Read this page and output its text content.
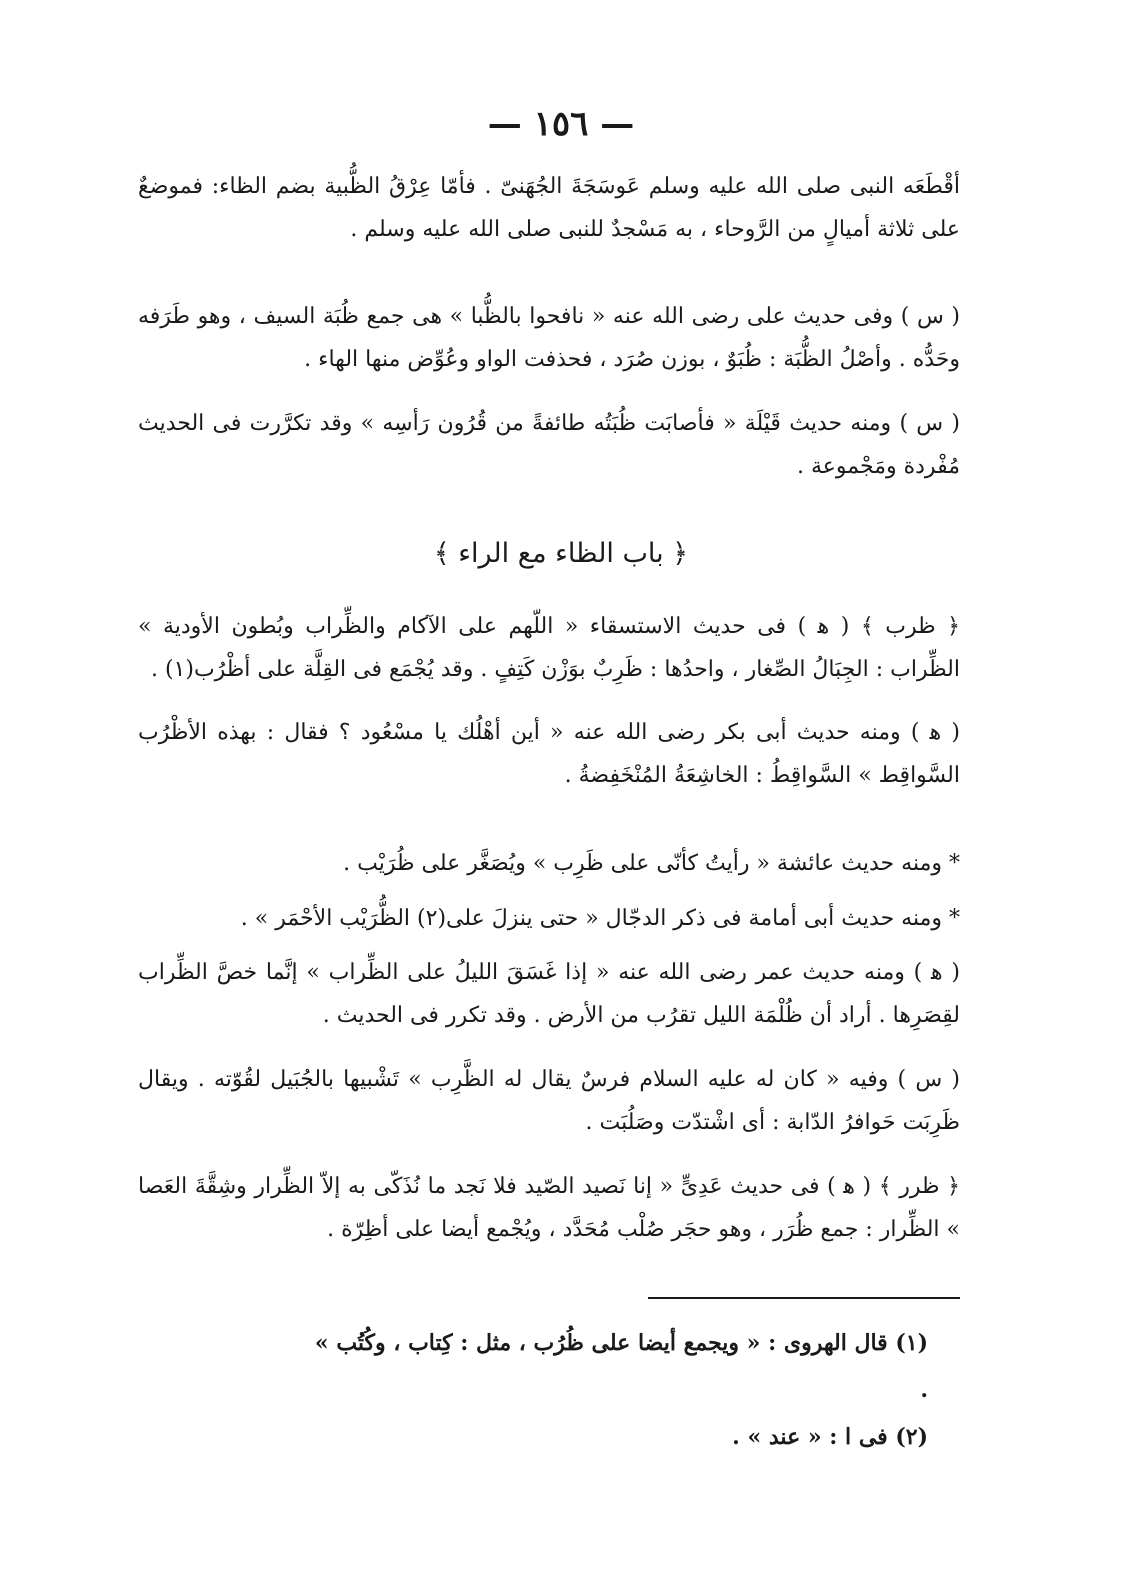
— ١٥٦ —
أقْطَعَه النبى صلى الله عليه وسلم عَوسَجَةَ الجُهَنىّ . فأمّا عِرْقُ الظُّبية بضم الظاء: فموضعٌ على ثلاثة أميالٍ من الرَّوحاء ، به مَسْجدٌ للنبى صلى الله عليه وسلم .
( س ) وفى حديث على رضى الله عنه « نافحوا بالظُّبا » هى جمع ظُبَة السيف ، وهو طَرَفه وحَدُّه . وأصْلُ الظُّبَة : ظُبَوٌ ، بوزن صُرَد ، فحذفت الواو وعُوِّض منها الهاء .
( س ) ومنه حديث قَيْلَة « فأصابَت ظُبَتُه طائفةً من قُرُون رَأسِه » وقد تكرَّرت فى الحديث مُفْردة ومَجْموعة .
﴿ باب الظاء مع الراء ﴾
﴿ ظرب ﴾ ( ﻫ ) فى حديث الاستسقاء « اللّهم على الآكام والظِّراب وبُطون الأودية » الظِّراب : الجِبَالُ الصِّغار ، واحدُها : ظَرِبٌ بوَزْن كَتِفٍ . وقد يُجْمَع فى القِلَّة على أظْرُب(١) .
( ﻫ ) ومنه حديث أبى بكر رضى الله عنه « أين أهْلُك يا مسْعُود ؟ فقال : بهذه الأظْرُب السَّواقِط » السَّواقِطُ : الخاشِعَةُ المُنْخَفِضةُ .
* ومنه حديث عائشة « رأيتُ كأنّى على ظَرِب » ويُصَغَّر على ظُرَيْب .
* ومنه حديث أبى أمامة فى ذكر الدجّال « حتى ينزلَ على(٢) الظُّرَيْب الأحْمَر » .
( ﻫ ) ومنه حديث عمر رضى الله عنه « إذا غَسَقَ الليلُ على الظِّراب » إنَّما خصَّ الظِّراب لقِصَرِها . أراد أن ظُلْمَة الليل تقرُب من الأرض . وقد تكرر فى الحديث .
( س ) وفيه « كان له عليه السلام فرسٌ يقال له الظَّرِب » تَشْبيها بالجُبَيل لقُوّته . ويقال ظَرِبَت حَوافرُ الدّابة : أى اشْتدّت وصَلُبَت .
﴿ ظرر ﴾ ( ﻫ ) فى حديث عَدِىٍّ « إنا نَصيد الصّيد فلا نَجد ما نُذَكّى به إلاّ الظِّرار وشِقَّةَ العَصا » الظِّرار : جمع ظُرَر ، وهو حجَر صُلْب مُحَدَّد ، ويُجْمع أيضا على أظِرّة .
(١) قال الهروى : « ويجمع أيضا على ظُرُب ، مثل : كِتاب ، وكُتُب » .
(٢) فى ا : « عند » .
